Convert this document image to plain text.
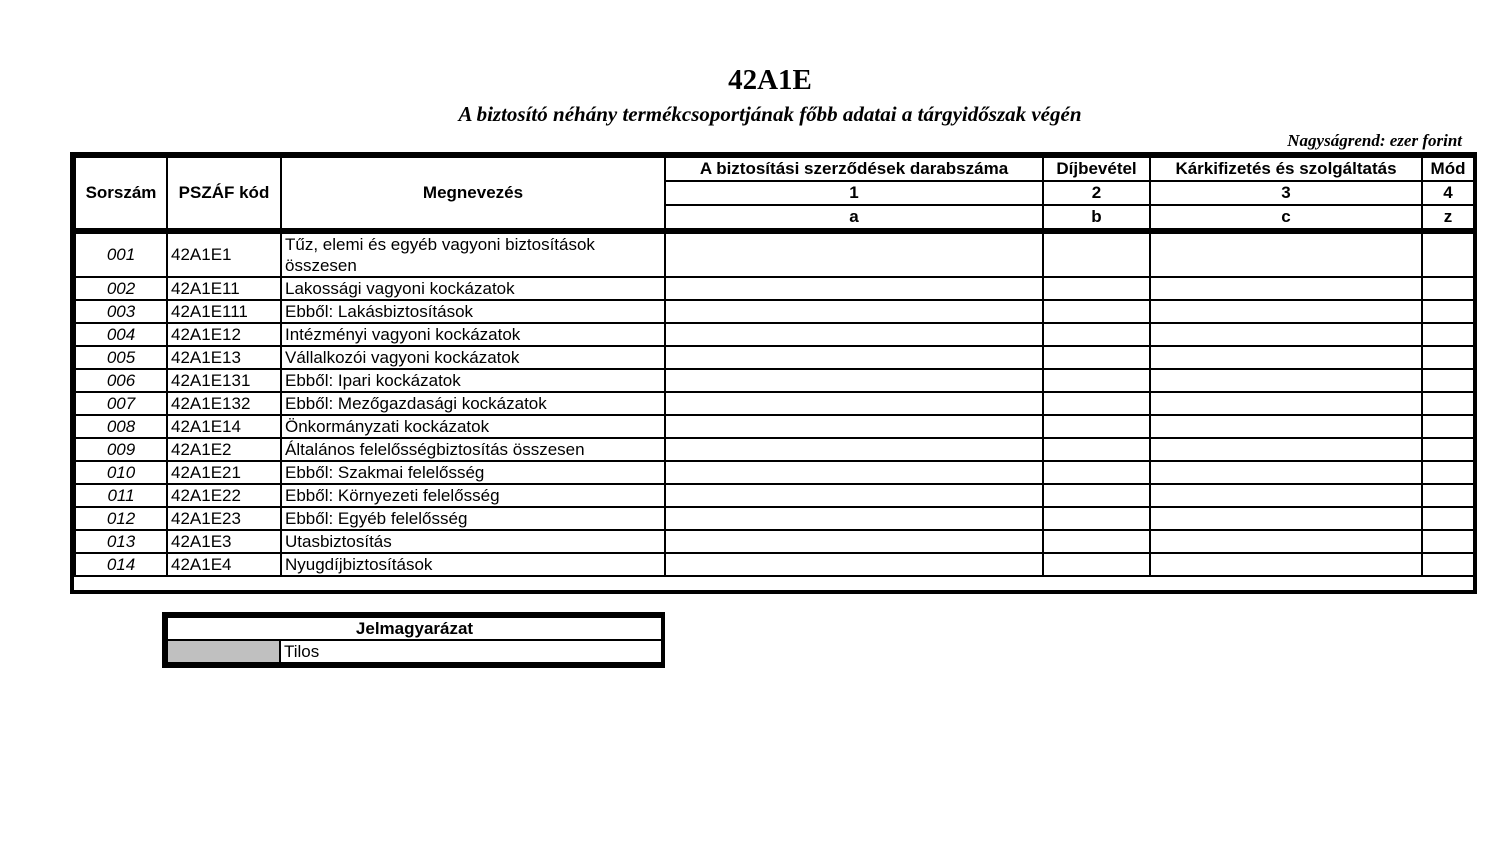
42A1E
A biztosító néhány termékcsoportjának főbb adatai a tárgyidőszak végén
Nagyságrend: ezer forint
Sorszám	PSZÁF kód	Megnevezés	A biztosítási szerződések darabszáma	Díjbevétel	Kárkifizetés és szolgáltatás	Mód
			1	2	3	4
			a	b	c	z

001	42A1E1	Tűz, elemi és egyéb vagyoni biztosítások összesen				
002	42A1E11	Lakossági vagyoni kockázatok				
003	42A1E111	Ebből: Lakásbiztosítások				
004	42A1E12	Intézményi vagyoni kockázatok				
005	42A1E13	Vállalkozói vagyoni kockázatok				
006	42A1E131	Ebből: Ipari kockázatok				
007	42A1E132	Ebből: Mezőgazdasági kockázatok				
008	42A1E14	Önkormányzati kockázatok				
009	42A1E2	Általános felelősségbiztosítás összesen				
010	42A1E21	Ebből: Szakmai felelősség				
011	42A1E22	Ebből: Környezeti felelősség				
012	42A1E23	Ebből: Egyéb felelősség				
013	42A1E3	Utasbiztosítás				
014	42A1E4	Nyugdíjbiztosítások				
Jelmagyarázat
	Tilos
